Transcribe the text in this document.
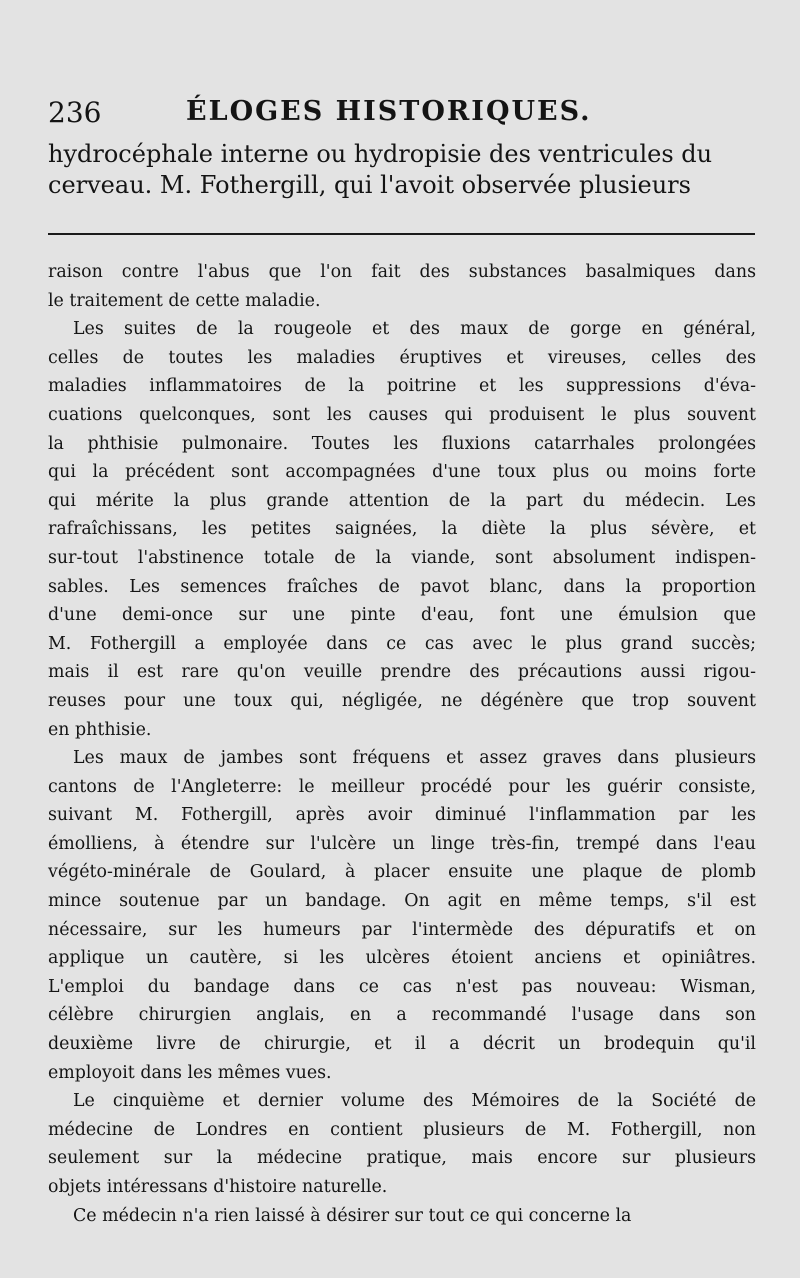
236	ÉLOGES HISTORIQUES.
hydrocéphale interne ou hydropisie des ventricules du
cerveau. M. Fothergill, qui l'avoit observée plusieurs
raison contre l'abus que l'on fait des substances basalmiques dans
le traitement de cette maladie.
Les suites de la rougeole et des maux de gorge en général,
celles de toutes les maladies éruptives et vireuses, celles des
maladies inflammatoires de la poitrine et les suppressions d'éva-
cuations quelconques, sont les causes qui produisent le plus souvent
la phthisie pulmonaire. Toutes les fluxions catarrhales prolongées
qui la précédent sont accompagnées d'une toux plus ou moins forte
qui mérite la plus grande attention de la part du médecin. Les
rafraîchissans, les petites saignées, la diète la plus sévère, et
sur-tout l'abstinence totale de la viande, sont absolument indispen-
sables. Les semences fraîches de pavot blanc, dans la proportion
d'une demi-once sur une pinte d'eau, font une émulsion que
M. Fothergill a employée dans ce cas avec le plus grand succès;
mais il est rare qu'on veuille prendre des précautions aussi rigou-
reuses pour une toux qui, négligée, ne dégénère que trop souvent
en phthisie.
Les maux de jambes sont fréquens et assez graves dans plusieurs
cantons de l'Angleterre: le meilleur procédé pour les guérir consiste,
suivant M. Fothergill, après avoir diminué l'inflammation par les
émolliens, à étendre sur l'ulcère un linge très-fin, trempé dans l'eau
végéto-minérale de Goulard, à placer ensuite une plaque de plomb
mince soutenue par un bandage. On agit en même temps, s'il est
nécessaire, sur les humeurs par l'intermède des dépuratifs et on
applique un cautère, si les ulcères étoient anciens et opiniâtres.
L'emploi du bandage dans ce cas n'est pas nouveau: Wisman,
célèbre chirurgien anglais, en a recommandé l'usage dans son
deuxième livre de chirurgie, et il a décrit un brodequin qu'il
employoit dans les mêmes vues.
Le cinquième et dernier volume des Mémoires de la Société de
médecine de Londres en contient plusieurs de M. Fothergill, non
seulement sur la médecine pratique, mais encore sur plusieurs
objets intéressans d'histoire naturelle.
Ce médecin n'a rien laissé à désirer sur tout ce qui concerne la
